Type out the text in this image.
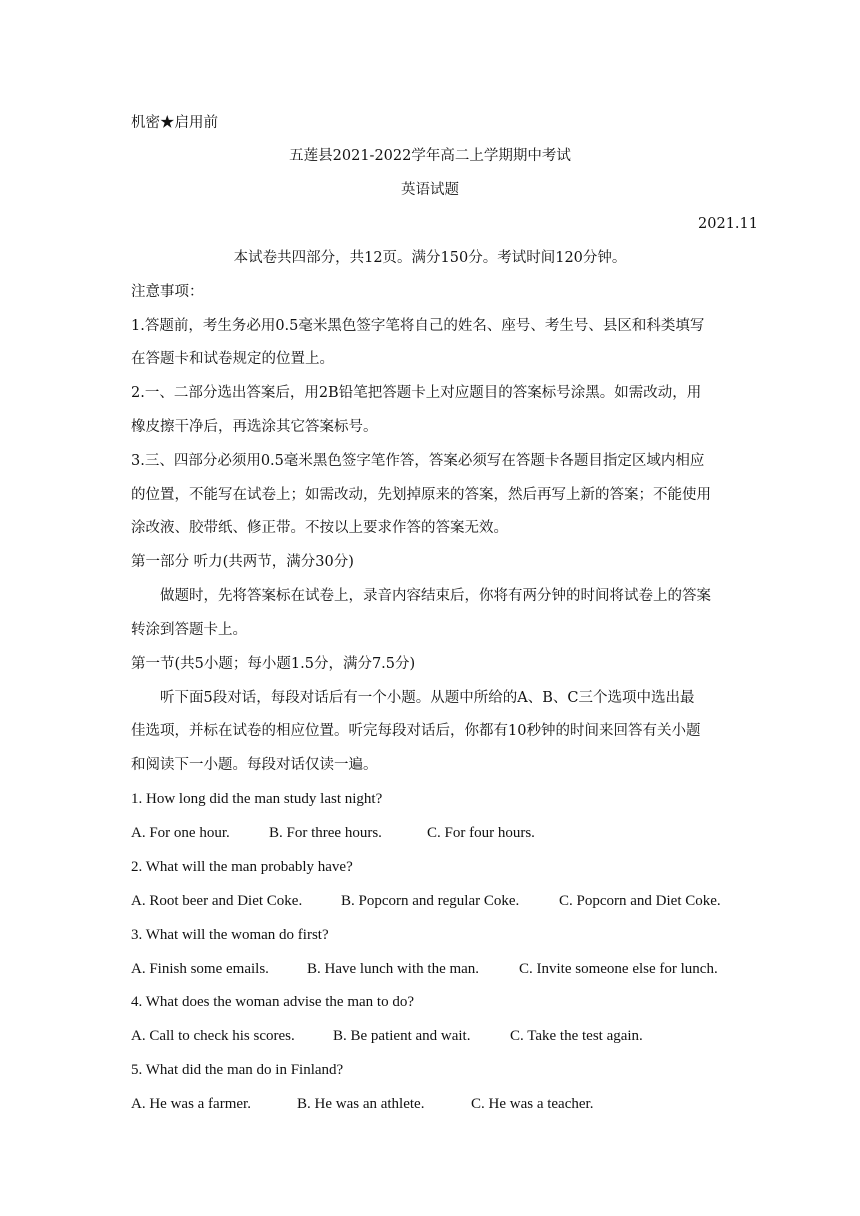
机密★启用前
五莲县2021-2022学年高二上学期期中考试
英语试题
2021.11
本试卷共四部分，共12页。满分150分。考试时间120分钟。
注意事项：
1.答题前，考生务必用0.5毫米黑色签字笔将自己的姓名、座号、考生号、县区和科类填写
在答题卡和试卷规定的位置上。
2.一、二部分选出答案后，用2B铅笔把答题卡上对应题目的答案标号涂黑。如需改动，用
橡皮擦干净后，再选涂其它答案标号。
3.三、四部分必须用0.5毫米黑色签字笔作答，答案必须写在答题卡各题目指定区域内相应
的位置，不能写在试卷上；如需改动，先划掉原来的答案，然后再写上新的答案；不能使用
涂改液、胶带纸、修正带。不按以上要求作答的答案无效。
第一部分 听力(共两节，满分30分)
做题时，先将答案标在试卷上，录音内容结束后，你将有两分钟的时间将试卷上的答案
转涂到答题卡上。
第一节(共5小题；每小题1.5分，满分7.5分)
听下面5段对话，每段对话后有一个小题。从题中所给的A、B、C三个选项中选出最
佳选项，并标在试卷的相应位置。听完每段对话后，你都有10秒钟的时间来回答有关小题
和阅读下一小题。每段对话仅读一遍。
1. How long did the man study last night?
A. For one hour.	B. For three hours.	C. For four hours.
2. What will the man probably have?
A. Root beer and Diet Coke.	B. Popcorn and regular Coke.	C. Popcorn and Diet Coke.
3. What will the woman do first?
A. Finish some emails.	B. Have lunch with the man.	C. Invite someone else for lunch.
4. What does the woman advise the man to do?
A. Call to check his scores.	B. Be patient and wait.	C. Take the test again.
5. What did the man do in Finland?
A. He was a farmer.	B. He was an athlete.	C. He was a teacher.
